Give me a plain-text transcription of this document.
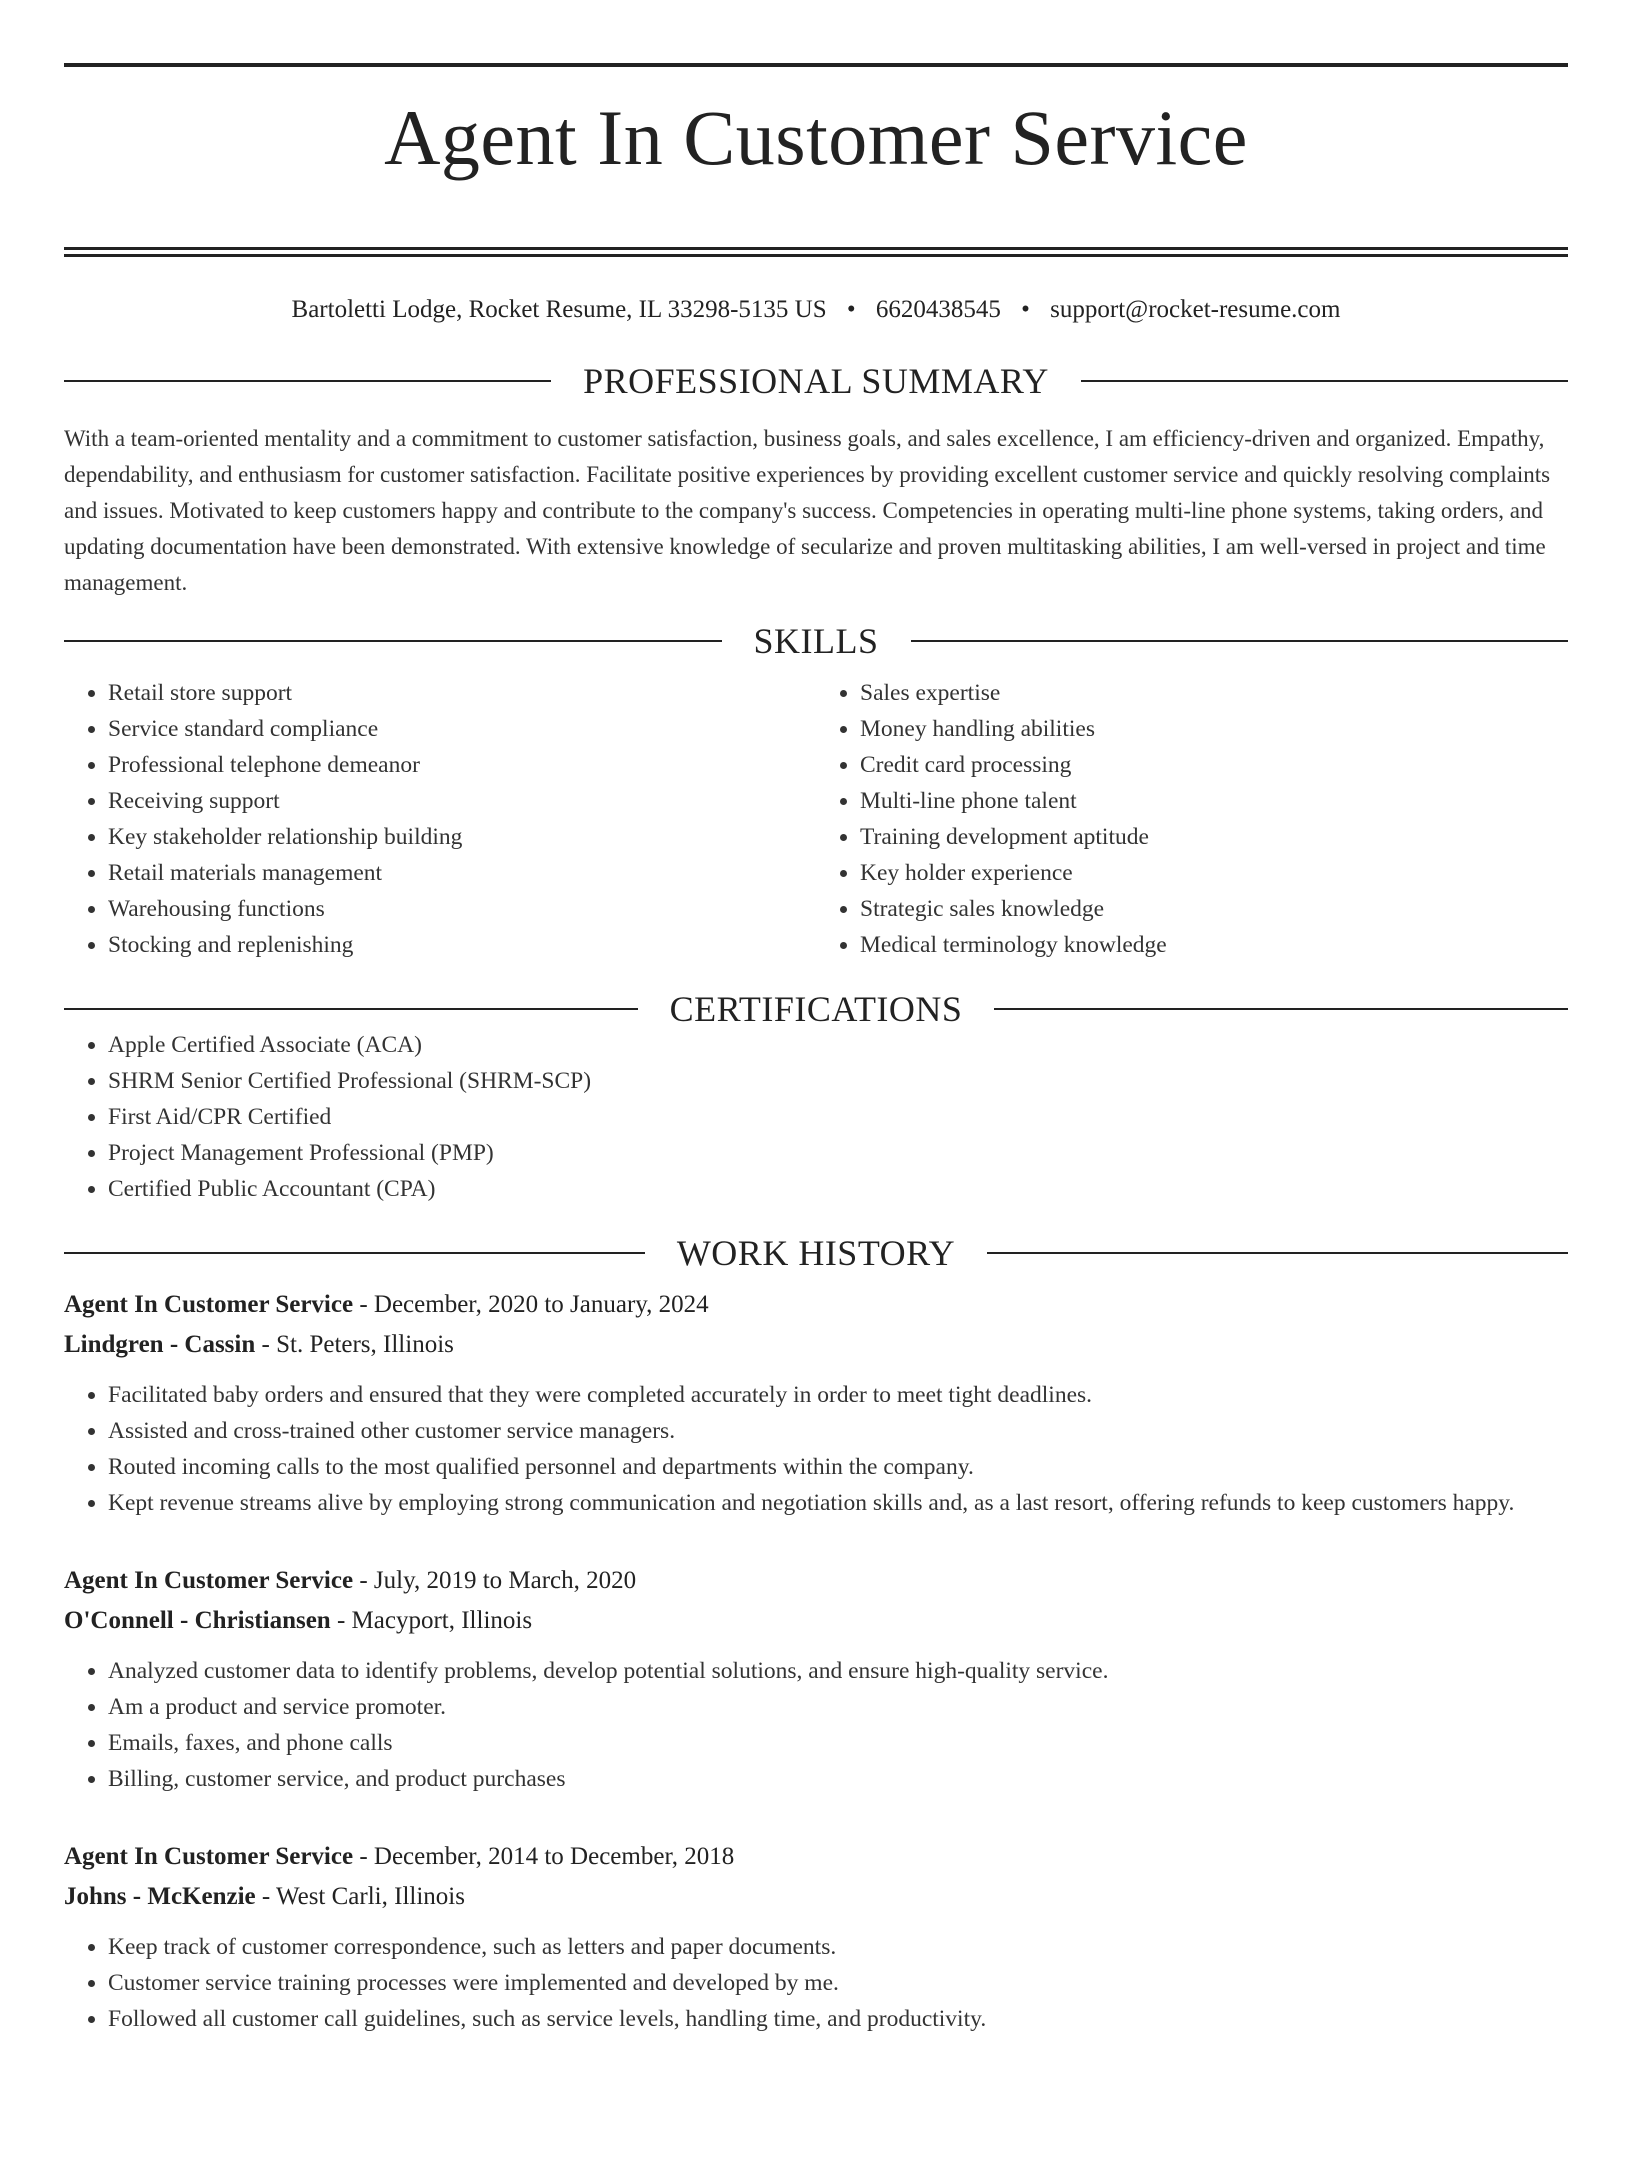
Agent In Customer Service
Bartoletti Lodge, Rocket Resume, IL 33298-5135 US • 6620438545 • support@rocket-resume.com
PROFESSIONAL SUMMARY
With a team-oriented mentality and a commitment to customer satisfaction, business goals, and sales excellence, I am efficiency-driven and organized. Empathy, dependability, and enthusiasm for customer satisfaction. Facilitate positive experiences by providing excellent customer service and quickly resolving complaints and issues. Motivated to keep customers happy and contribute to the company's success. Competencies in operating multi-line phone systems, taking orders, and updating documentation have been demonstrated. With extensive knowledge of secularize and proven multitasking abilities, I am well-versed in project and time management.
SKILLS
• Retail store support
• Service standard compliance
• Professional telephone demeanor
• Receiving support
• Key stakeholder relationship building
• Retail materials management
• Warehousing functions
• Stocking and replenishing
• Sales expertise
• Money handling abilities
• Credit card processing
• Multi-line phone talent
• Training development aptitude
• Key holder experience
• Strategic sales knowledge
• Medical terminology knowledge
CERTIFICATIONS
• Apple Certified Associate (ACA)
• SHRM Senior Certified Professional (SHRM-SCP)
• First Aid/CPR Certified
• Project Management Professional (PMP)
• Certified Public Accountant (CPA)
WORK HISTORY
Agent In Customer Service - December, 2020 to January, 2024
Lindgren - Cassin - St. Peters, Illinois
• Facilitated baby orders and ensured that they were completed accurately in order to meet tight deadlines.
• Assisted and cross-trained other customer service managers.
• Routed incoming calls to the most qualified personnel and departments within the company.
• Kept revenue streams alive by employing strong communication and negotiation skills and, as a last resort, offering refunds to keep customers happy.
Agent In Customer Service - July, 2019 to March, 2020
O'Connell - Christiansen - Macyport, Illinois
• Analyzed customer data to identify problems, develop potential solutions, and ensure high-quality service.
• Am a product and service promoter.
• Emails, faxes, and phone calls
• Billing, customer service, and product purchases
Agent In Customer Service - December, 2014 to December, 2018
Johns - McKenzie - West Carli, Illinois
• Keep track of customer correspondence, such as letters and paper documents.
• Customer service training processes were implemented and developed by me.
• Followed all customer call guidelines, such as service levels, handling time, and productivity.
